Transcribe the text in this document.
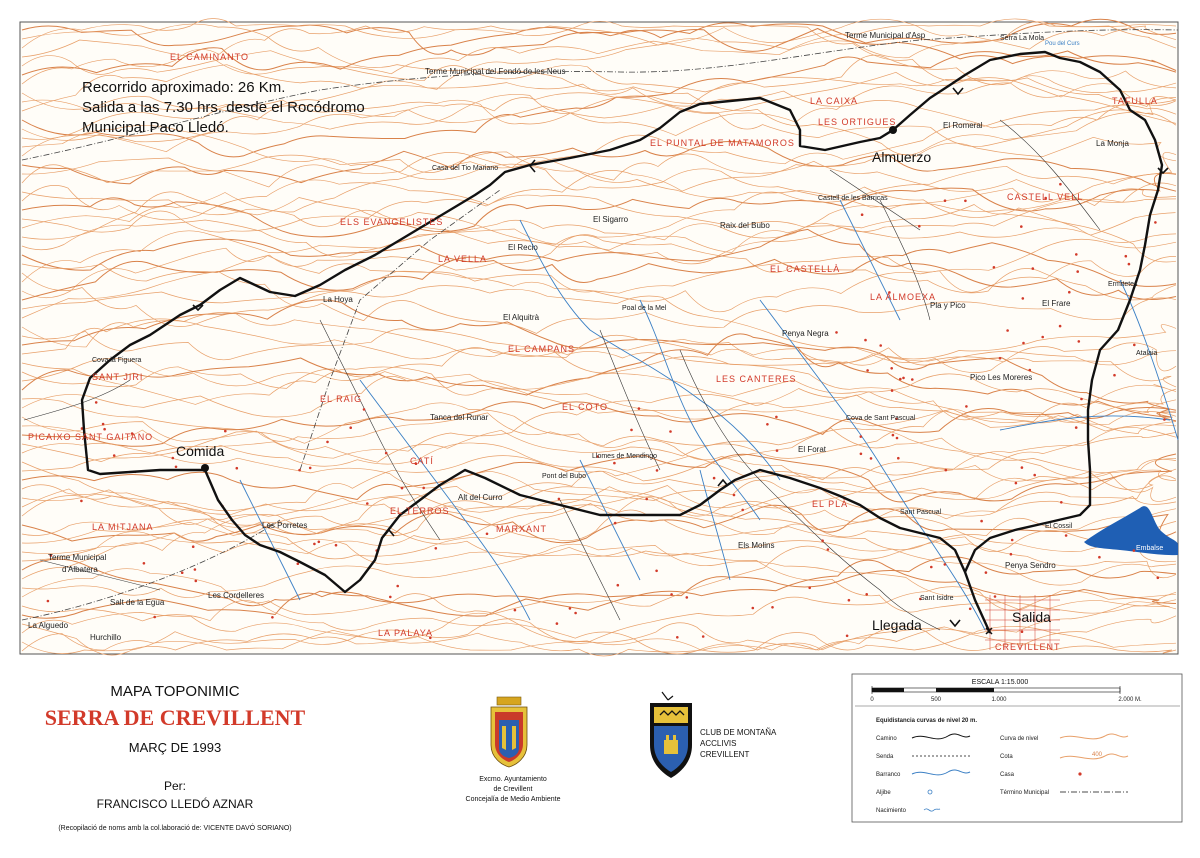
Recorrido aproximado: 26 Km.
Salida a las 7.30 hrs. desde el Rocódromo
Municipal Paco Lledó.
Almuerzo
Comida
Salida
Llegada
Terme Municipal d'Asp
Terme Municipal del Fondó de les Neus
Terme Municipal
d'Albatera
Pou del Curs
EL CAMINANTO
LA CAIXA	TAFULLA
LES ORTIGUES
EL PUNTAL DE MATAMOROS
CASTELL VELL
ELS EVANGELISTES
LA VELLA
EL CASTELLÀ
LA ALMOEXA
SANT JIRI
EL RAIG
EL CAMPANS
LES CANTERES
EL COTO
PICAIXO SANT GAITANO
CATÍ
EL TERROS
MARXANT
EL PLÀ
LA MITJANA
LA PALAYA
CREVILLENT
Serra La Mola
El Romeral
La Monja
El Sigarro
Raix del Bubo
La Hoya
El Recio
El Alquitrà
Penya Negra
Pla y Pico	El Frare
Pico Les Moreres
Ermitetes
Atalaia
Tanca del Runar
El Forat
Les Porretes
Alt del Curro
Els Molins
Sant Pascual
El Cossil
Penya Sendro
Les Cordelleres
Salt de la Egua
La Alguedo
Hurchillo
Cova la Figuera
Casa del Tio Mariano
Pont del Bubo
Llomes de Mendingo
Cova de Sant Pascual
Poal de la Mel
Castell de les Barricas
Sant Isidre
Embalse
MAPA TOPONIMIC
SERRA DE CREVILLENT
MARÇ DE 1993
Per:
FRANCISCO LLEDÓ AZNAR
(Recopilació de noms amb la col.laboració de: VICENTE DAVÓ SORIANO)
Excmo. Ayuntamiento
de Crevillent
Concejalía de Medio Ambiente
CLUB DE MONTAÑA
ACCLIVIS
CREVILLENT
ESCALA 1:15.000
0	500	1.000	2.000 M.
Equidistancia curvas de nivel 20 m.
Camino
Senda
Barranco
Aljibe
Nacimiento
Curva de nivel
Cota	400
Casa
Término Municipal
